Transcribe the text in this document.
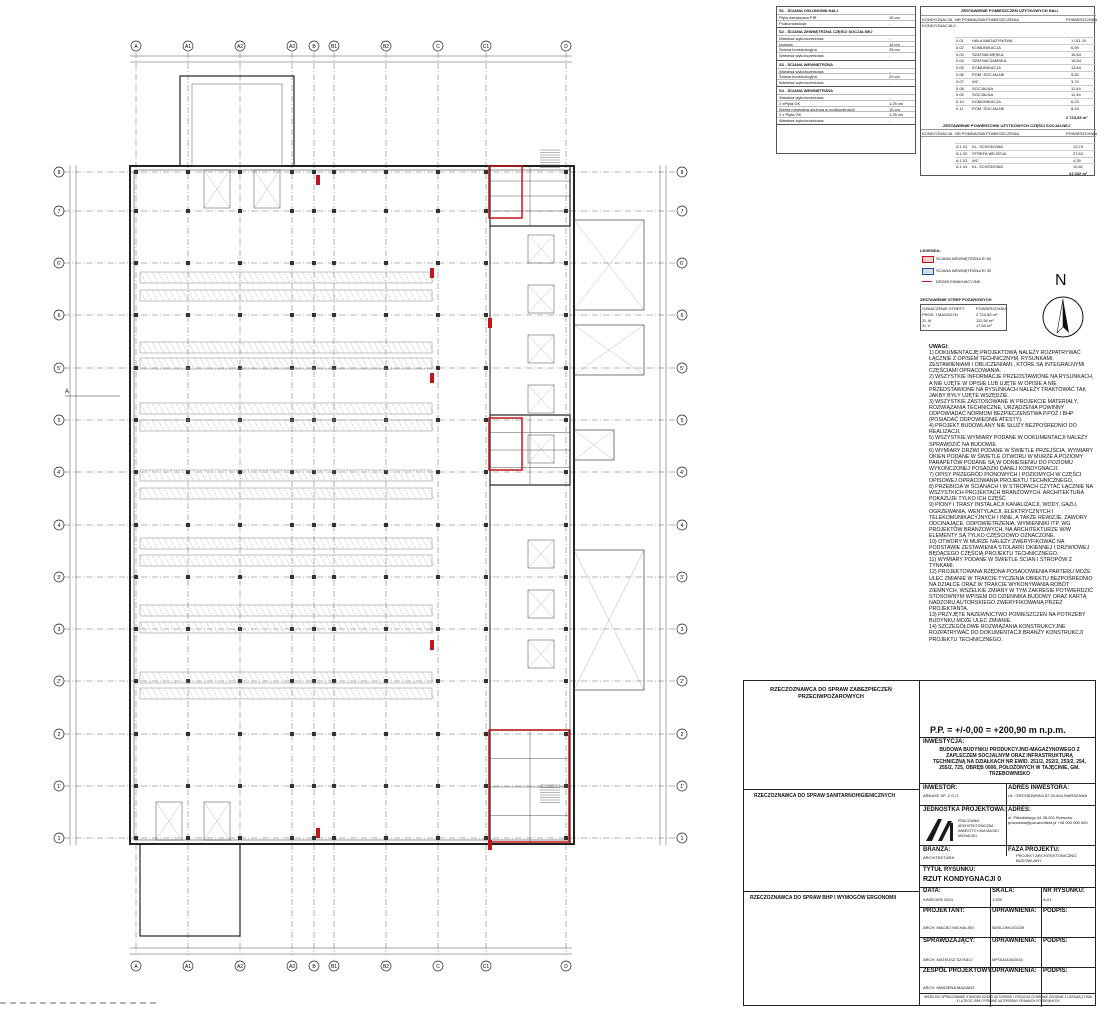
A
A
A1
A1
A2
A2
A3
A3
B
B
B1
B1
B2
B2
C
C
C1
C1
D
D
8	8
7	7
6'	6'
6	6
5'	5'
5	5
4'	4'
4	4
3'	3'
3	3
2'	2'
2	2
1'	1'
1	1
A
S1 - ŚCIANA OSŁONOWA HALI
Płyta warstwowa PIR	16 cm
Podkonstrukcja	-
S2 - ŚCIANA ZEWNĘTRZNA CZĘŚCI SOCJALNEJ
Warstwa wykończeniowa	-
Izolacja	16 cm
Ściana konstrukcyjna	25 cm
Warstwa wykończeniowa	-
S3 - ŚCIANA WEWNĘTRZNA
Warstwa wykończeniowa	-
Ściana konstrukcyjna	20 cm
Warstwa wykończeniowa	-
S4 - ŚCIANA WEWNĘTRZNA
Warstwa wykończeniowa	-
2 xPłyta GK	1,25 cm
Wełna mineralna ułożona w podkonstrukcji	10 cm
2 x Płyta GK	1,25 cm
Warstwa wykończeniowa	-
ZESTAWIENIE POMIESZCZEŃ UŻYTKOWYCH HALI
KONDYGNACJA NR POM.
NAZWA POMIESZCZENIA	POWIERZCHNIA
KONDYGNACJA 0
0.01	HALA MAGAZYNOWA	1 011,10
0.02	KOMUNIKACJA	6,59
0.03	SZATNIA MĘSKA	16,64
0.04	SZATNIA DAMSKA	16,64
0.05	KOMUNIKACJA	13,64
0.06	POM. SOCJALNE	5,82
0.07	WC	3,74
0.08	SOCJALNA	11,44
0.09	SOCJALNA	11,44
0.10	KOMUNIKACJA	6,23
0.11	POM. SOCJALNE	8,43
2 723,69 m²
ZESTAWIENIE POWIERZCHNI UŻYTKOWYCH CZĘŚCI SOCJALNEJ
KONDYGNACJA NR POM.
NAZWA POMIESZCZENIA	POWIERZCHNIA
A 1.01	KL. SCHODOWA	13,74
A 1.02	STREFA WEJŚCIA	27,63
A 1.03	WC	4,39
A 1.04	KL. SCHODOWA	10,81
41 032 m²
LEGENDA:
ŚCIANA WEWNĘTRZNA EI 60
ŚCIANA WEWNĘTRZNA EI 30
DRZWI EWAKUACYJNE
ZESTAWIENIE STREF POŻAROWYCH
OZNACZENIE STREFY	POWIERZCHNIA
PROD. I MAGAZYN	2 723,80 m²
ZL III	112,50 m²
ZL V	17,60 m²
N
UWAGI:
1) DOKUMENTACJĘ PROJEKTOWĄ NALEŻY ROZPATRYWAĆ ŁĄCZNIE Z OPISEM TECHNICZNYM, RYSUNKAMI, ZESTAWIENIAMI I OBLICZENIAMI., KTÓRE SĄ INTEGRALNYMI CZĘŚCIAMI OPRACOWANIA.
2) WSZYSTKIE INFORMACJE PRZEDSTAWIONE NA RYSUNKACH, A NIE UJĘTE W OPISIE LUB UJĘTE W OPISIE A NIE PRZEDSTAWIONE NA RYSUNKACH NALEŻY TRAKTOWAĆ TAK JAKBY BYŁY UJĘTE WSZĘDZIE.
3) WSZYSTKIE ZASTOSOWANE W PROJEKCIE MATERIAŁY, ROZWIĄZANIA TECHNICZNE, URZĄDZENIA POWINNY ODPOWIADAĆ NORMOM BEZPIECZEŃSTWA P.POŻ I BHP (POSIADAĆ ODPOWIEDNIE ATESTY).
4) PROJEKT BUDOWLANY NIE SŁUŻY BEZPOŚREDNIO DO REALIZACJI.
5) WSZYSTKIE WYMIARY PODANE W DOKUMENTACJI NALEŻY SPRAWDZIĆ NA BUDOWIE.
6) WYMIARY DRZWI PODANE W ŚWIETLE PRZEJŚCIA, WYMIARY OKIEN PODANE W ŚWIETLE OTWORU W MURZE A POZIOMY PARAPETÓW PODANE SĄ W ODNIESIENIU DO POZIOMU WYKOŃCZONEJ POSADZKI DANEJ KONDYGNACJI.
7) OPISY PRZEGRÓD PIONOWYCH I POZIOMYCH W CZĘŚCI OPISOWEJ OPRACOWANIA PROJEKTU TECHNICZNEGO.
8) PRZEBICIA W ŚCIANACH I W STROPACH CZYTAĆ ŁĄCZNIE NA WSZYSTKICH PROJEKTACH BRANŻOWYCH. ARCHITEKTURA POKAZUJE TYLKO ICH CZĘŚĆ.
9) PIONY I TRASY INSTALACJI KANALIZACJI, WODY, GAZU, OGRZEWANIA, WENTYLACJI, ELEKTRYCZNYCH I TELEKOMUNIKACYJNYCH I INNE, A TAKŻE REWIZJE, ZAWORY ODCINAJĄCE, ODPOWIETRZENIA, WYMIENNIKI ITP. WG PROJEKTÓW BRANŻOWYCH, NA ARCHITEKTURZE W/W ELEMENTY SĄ TYLKO CZĘŚCIOWO OZNACZONE.
10) OTWORY W MURZE NALEŻY ZWERYFIKOWAĆ NA PODSTAWIE ZESTAWIENIA STOLARKI OKIENNEJ I DRZWIOWEJ BĘDĄCEGO CZĘŚCIĄ PROJEKTU TECHNICZNEGO.
11) WYMIARY PODANE W ŚWIETLE ŚCIAN I STROPÓW Z TYNKAMI.
12) PROJEKTOWANA RZĘDNA POSADOWIENIA PARTERU MOŻE ULEC ZMIANIE W TRAKCIE TYCZENIA OBIEKTU BEZPOŚREDNIO NA DZIAŁCE ORAZ W TRAKCIE WYKONYWANIA ROBÓT ZIEMNYCH, WSZELKIE ZMIANY W TYM ZAKRESIE POTWIERDZIĆ STOSOWNYM WPISEM DO DZIENNIKA BUDOWY ORAZ KARTĄ NADZORU AUTORSKIEGO ZWERYFIKOWANĄ PRZEZ PROJEKTANTA.
13) PRZYJĘTE NAZEWNICTWO POMIESZCZEŃ NA POTRZEBY BUDYNKU MOŻE ULEC ZMIANIE.
14) SZCZEGÓŁOWE ROZWIĄZANIA KONSTRUKCYJNE ROZPATRYWAĆ DO DOKUMENTACJI BRANŻY KONSTRUKCJI PROJEKTU TECHNICZNEGO.
RZECZOZNAWCA DO SPRAW ZABEZPIECZEŃ PRZECIWPOŻAROWYCH
RZECZOZNAWCA DO SPRAW SANITARNOHIGIENICZNYCH
RZECZOZNAWCA DO SPRAW BHP I WYMOGÓW ERGONOMII
P.P. = +/-0,00 = +200,90 m n.p.m.
INWESTYCJA:
BUDOWA BUDYNKU PRODUKCYJNO-MAGAZYNOWEGO Z ZAPLECZEM SOCJALNYM ORAZ INFRASTRUKTURĄ TECHNICZNĄ NA DZIAŁKACH NR EWID. 251/2, 252/2, 253/2, 254, 255/2, 725, OBRĘB 0006, POŁOŻONYCH W TAJĘCINIE, GM. TRZEBOWNISKO
INWESTOR:	ADRES INWESTORA:
ARNAXE SP. Z O.O.	UL. GRZYBOWSKA 87 00-844 WARSZAWA
JEDNOSTKA PROJEKTOWA: ADRES:
PRACOWNIA ARCHITEKTONICZNA INWESTYCYJNA MACIEJ MICHALSKI
ul. Piłsudskiego 44 35-001 Rzeszów pracownia@pai-architekt.pl +48 000 000 000
BRANŻA:	FAZA PROJEKTU:
ARCHITEKTURA	PROJEKT ARCHITEKTONICZNO-BUDOWLANY
TYTUŁ RYSUNKU:
RZUT KONDYGNACJI 0
DATA:	SKALA:	NR RYSUNKU:
KWIECIEŃ 2024	1:200	A-01
PROJEKTANT:	UPRAWNIENIA: PODPIS:
ARCH. MACIEJ MICHALSKI	58/SLOKK/2022/9
SPRAWDZAJĄCY:	UPRAWNIENIA: PODPIS:
ARCH. MATEUSZ SZYDŁO	MPOIA/326/2015
ZESPÓŁ PROJEKTOWY: UPRAWNIENIA: PODPIS:
ARCH. MARZENA MAZIARZ
WSZELKIE OPRACOWANIE STANOWI DZIEŁO AUTORSKIE I PODLEGA OCHRONIE ZGODNIE Z USTAWĄ Z DNIA 4 LUTEGO 1994 O PRAWIE AUTORSKIM I PRAWACH POKREWNYCH
